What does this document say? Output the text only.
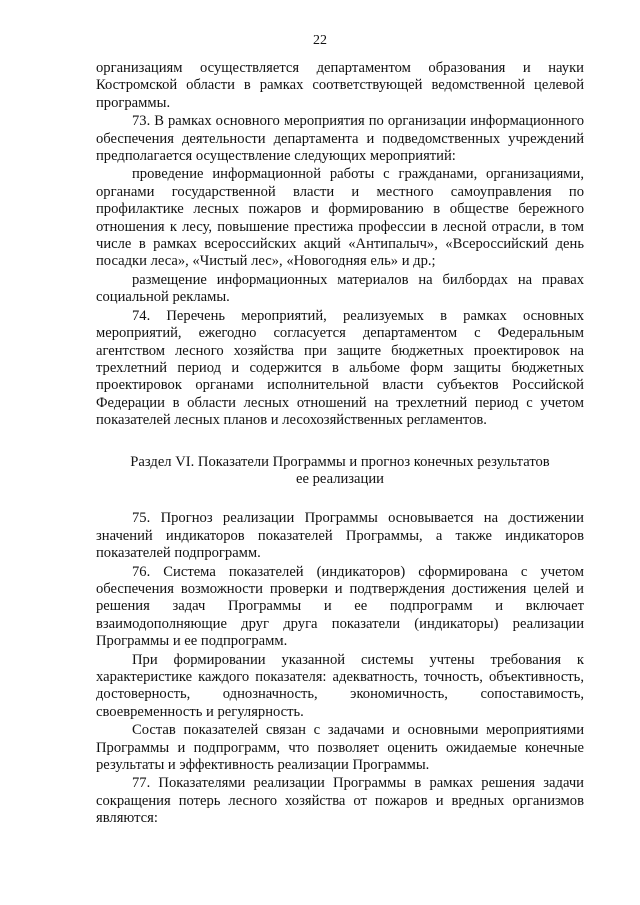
22

организациям осуществляется департаментом образования и науки Костромской области в рамках соответствующей ведомственной целевой программы.

73. В рамках основного мероприятия по организации информационного обеспечения деятельности департамента и подведомственных учреждений предполагается осуществление следующих мероприятий:

проведение информационной работы с гражданами, организациями, органами государственной власти и местного самоуправления по профилактике лесных пожаров и формированию в обществе бережного отношения к лесу, повышение престижа профессии в лесной отрасли, в том числе в рамках всероссийских акций «Антипалыч», «Всероссийский день посадки леса», «Чистый лес», «Новогодняя ель» и др.;

размещение информационных материалов на билбордах на правах социальной рекламы.

74. Перечень мероприятий, реализуемых в рамках основных мероприятий, ежегодно согласуется департаментом с Федеральным агентством лесного хозяйства при защите бюджетных проектировок на трехлетний период и содержится в альбоме форм защиты бюджетных проектировок органами исполнительной власти субъектов Российской Федерации в области лесных отношений на трехлетний период с учетом показателей лесных планов и лесохозяйственных регламентов.

Раздел VI. Показатели Программы и прогноз конечных результатов
ее реализации

75. Прогноз реализации Программы основывается на достижении значений индикаторов показателей Программы, а также индикаторов показателей подпрограмм.

76. Система показателей (индикаторов) сформирована с учетом обеспечения возможности проверки и подтверждения достижения целей и решения задач Программы и ее подпрограмм и включает взаимодополняющие друг друга показатели (индикаторы) реализации Программы и ее подпрограмм.

При формировании указанной системы учтены требования к характеристике каждого показателя: адекватность, точность, объективность, достоверность, однозначность, экономичность, сопоставимость, своевременность и регулярность.

Состав показателей связан с задачами и основными мероприятиями Программы и подпрограмм, что позволяет оценить ожидаемые конечные результаты и эффективность реализации Программы.

77. Показателями реализации Программы в рамках решения задачи сокращения потерь лесного хозяйства от пожаров и вредных организмов являются:
